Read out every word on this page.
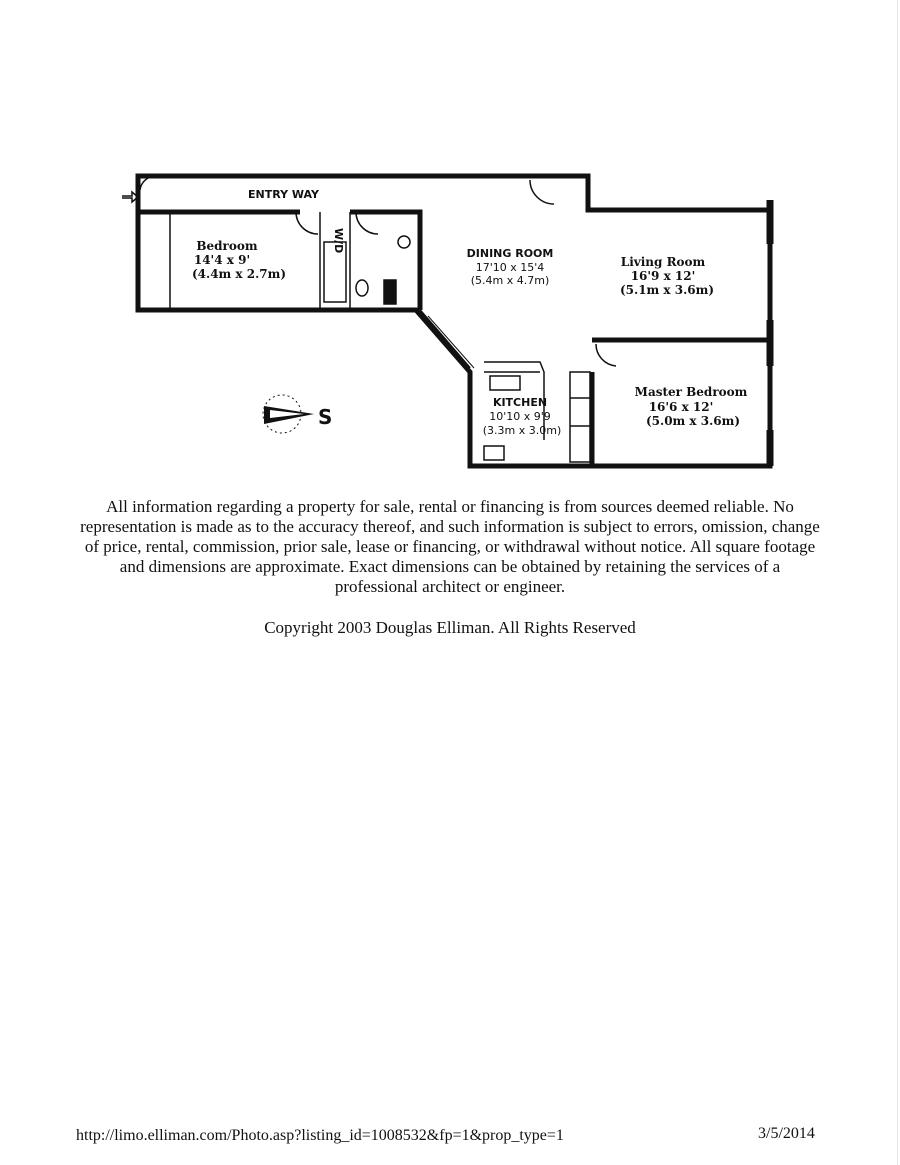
S
ENTRY WAY
W/D
Bedroom
14'4 x 9'
(4.4m x 2.7m)
DINING ROOM
17'10 x 15'4
(5.4m x 4.7m)
Living Room
16'9 x 12'
(5.1m x 3.6m)
KITCHEN
10'10 x 9'9
(3.3m x 3.0m)
Master Bedroom
16'6 x 12'
(5.0m x 3.6m)
All information regarding a property for sale, rental or financing is from sources deemed reliable. No representation is made as to the accuracy thereof, and such information is subject to errors, omission, change of price, rental, commission, prior sale, lease or financing, or withdrawal without notice. All square footage and dimensions are approximate. Exact dimensions can be obtained by retaining the services of a professional architect or engineer.
Copyright 2003 Douglas Elliman. All Rights Reserved
http://limo.elliman.com/Photo.asp?listing_id=1008532&fp=1&prop_type=1	3/5/2014
